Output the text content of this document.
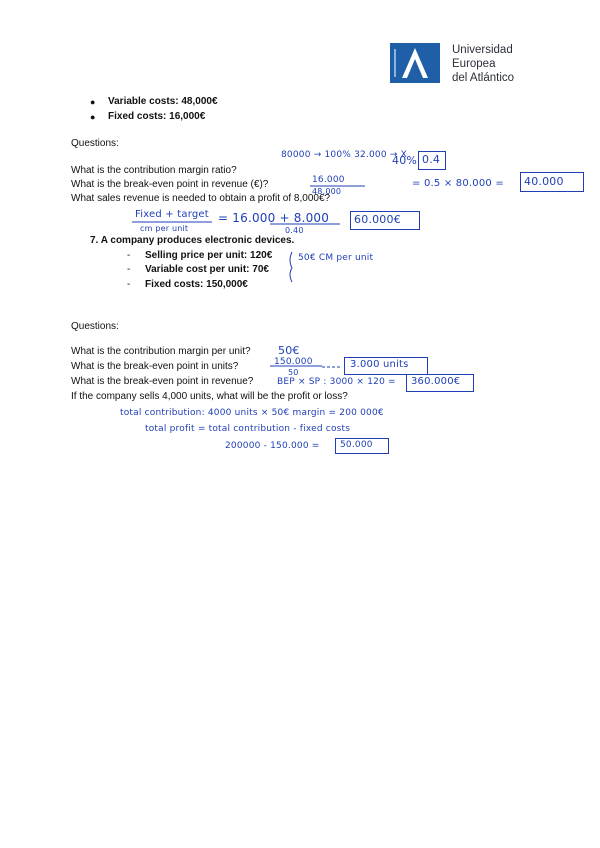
Universidad
Europea
del Atlántico
● Variable costs: 48,000€
● Fixed costs: 16,000€
Questions:
What is the contribution margin ratio?
What is the break-even point in revenue (€)?
What sales revenue is needed to obtain a profit of 8,000€?
7. A company produces electronic devices.
- Selling price per unit: 120€
- Variable cost per unit: 70€
- Fixed costs: 150,000€
Questions:
What is the contribution margin per unit?
What is the break-even point in units?
What is the break-even point in revenue?
If the company sells 4,000 units, what will be the profit or loss?
80000 → 100% 32.000 → X
40% 0.4
16.000
48.000
= 0.5 × 80.000 = 40.000
Fixed + target
cm per unit
= 16.000 + 8.000
0.40
60.000€
50€ CM per unit
50€
150.000
50
3.000 units
BEP × SP : 3000 × 120 = 360.000€
total contribution: 4000 units × 50€ margin = 200 000€
total profit = total contribution - fixed costs
200000 - 150.000 = 50.000
